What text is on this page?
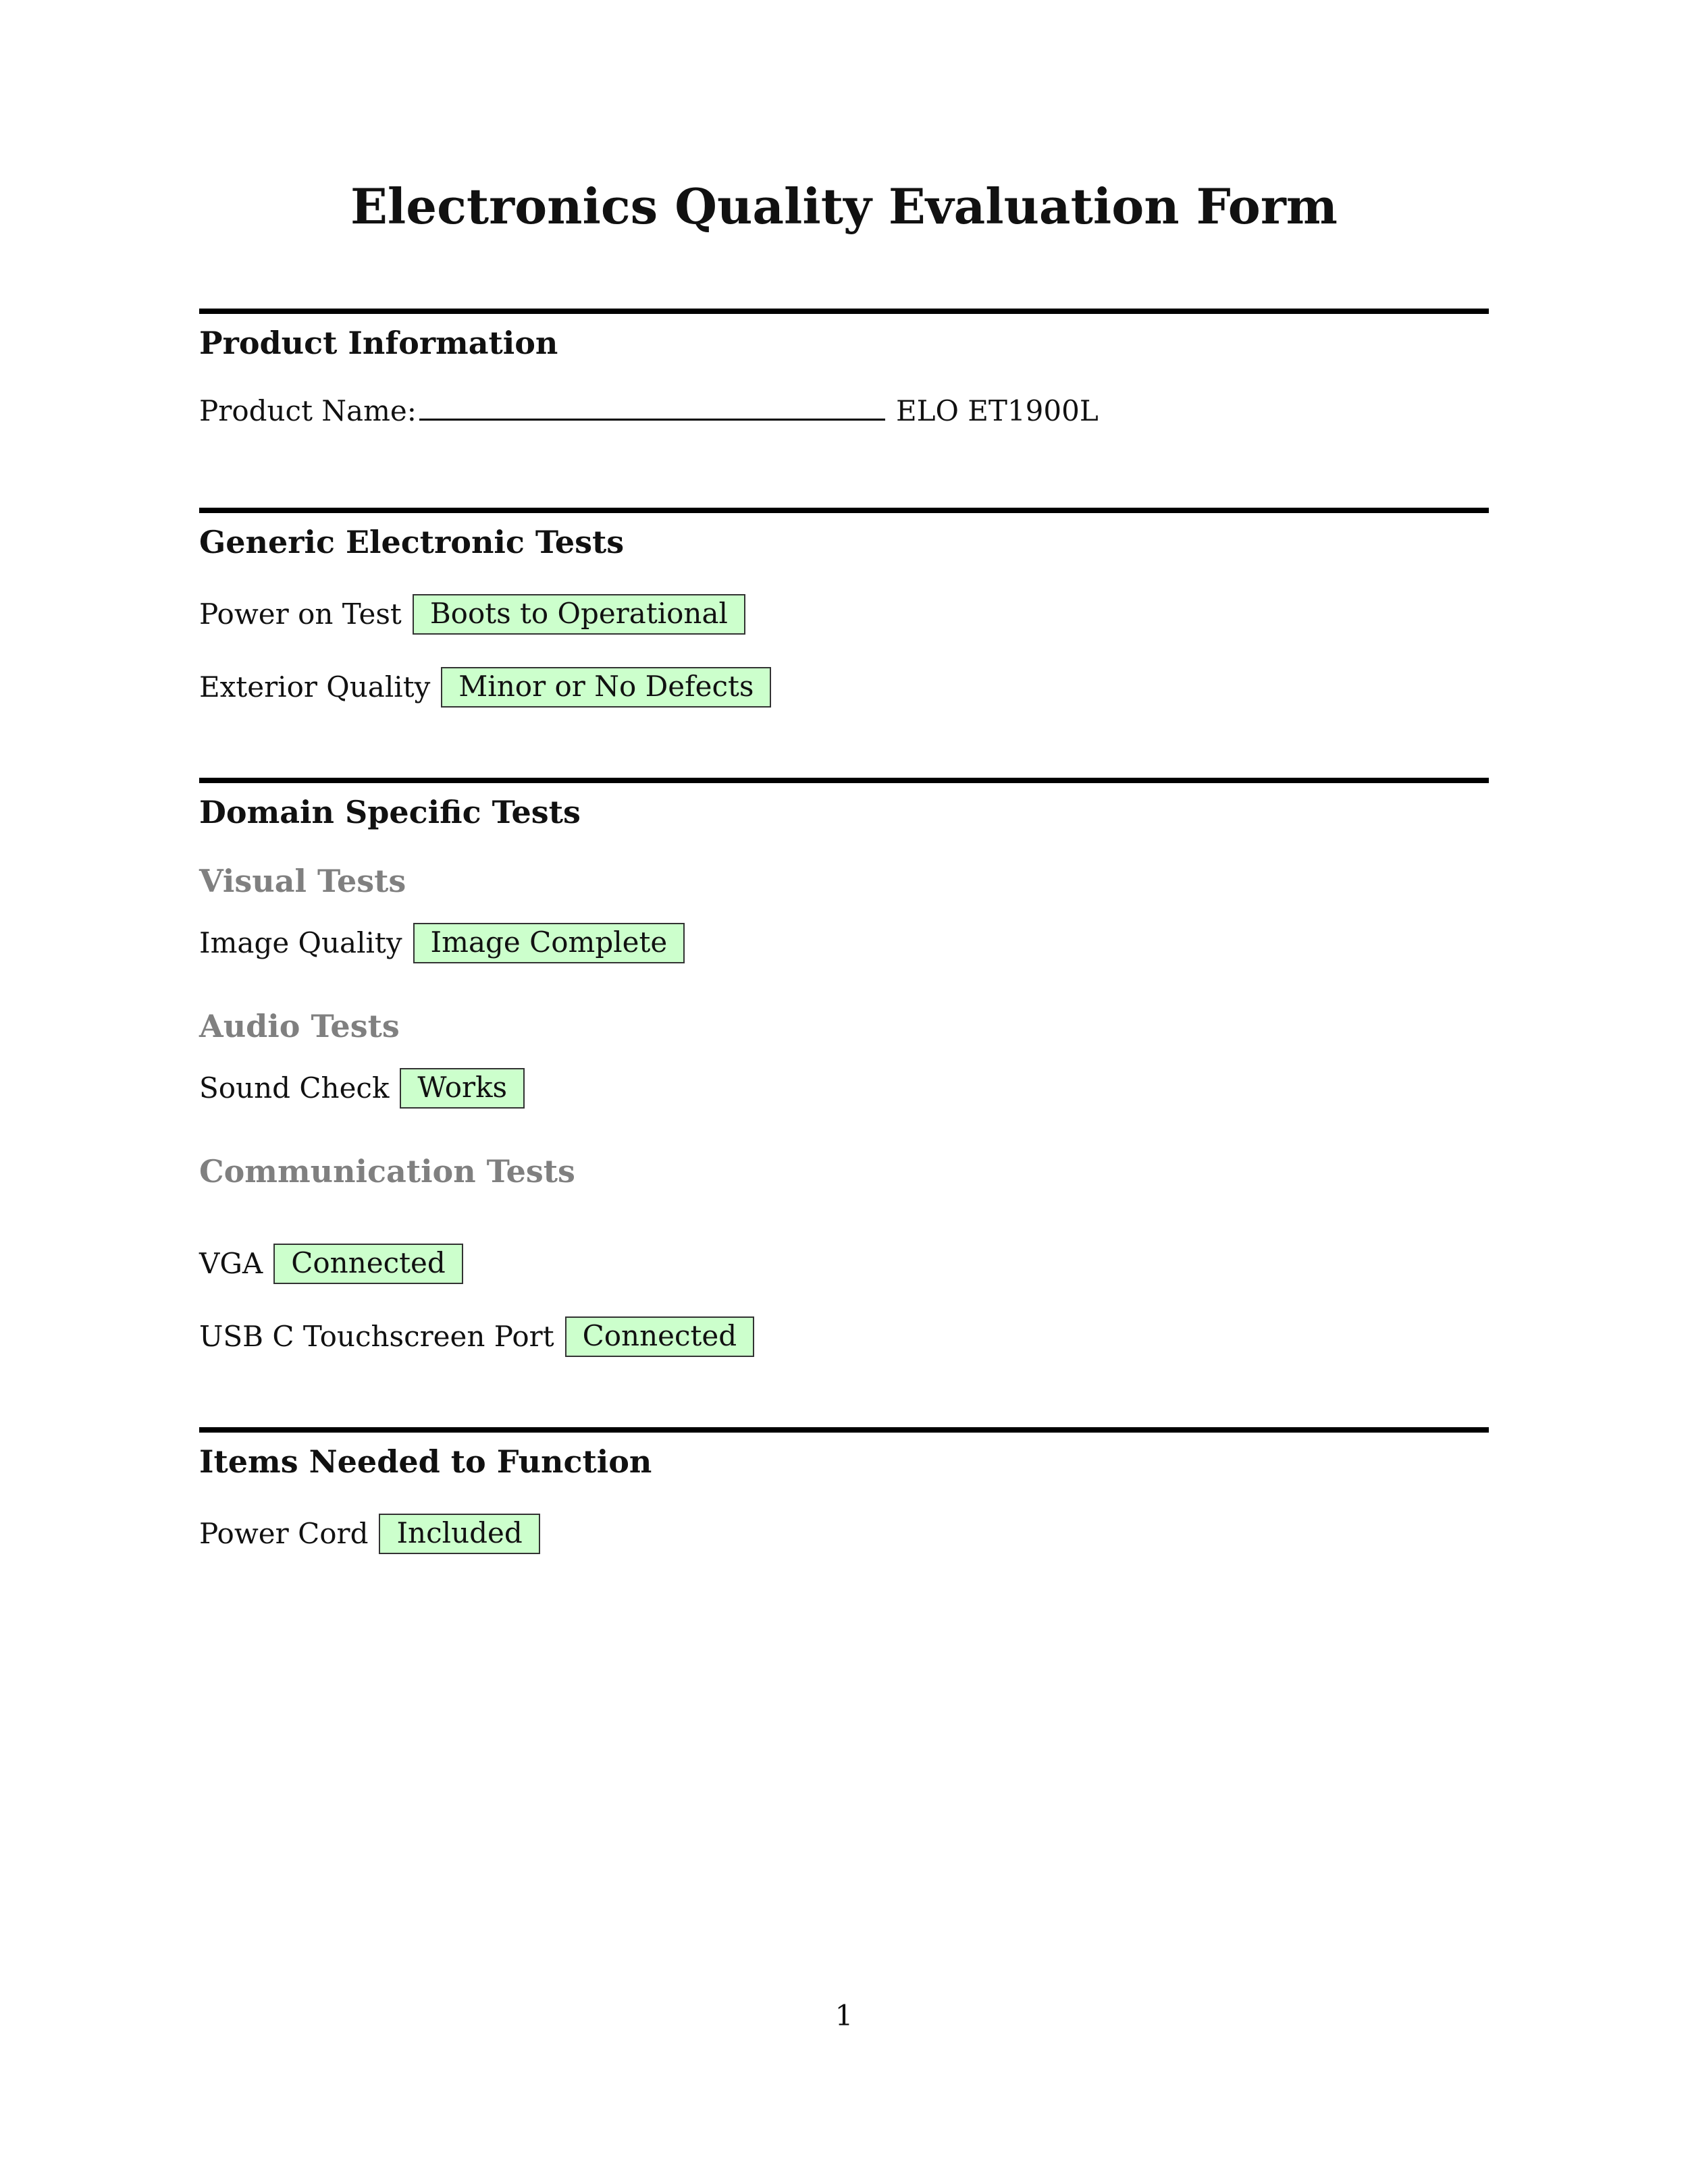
Electronics Quality Evaluation Form
Product Information
Product Name:	ELO ET1900L
Generic Electronic Tests
Power on Test	Boots to Operational
Exterior Quality	Minor or No Defects
Domain Specific Tests
Visual Tests
Image Quality	Image Complete
Audio Tests
Sound Check	Works
Communication Tests
VGA	Connected
USB C Touchscreen Port	Connected
Items Needed to Function
Power Cord	Included
1
